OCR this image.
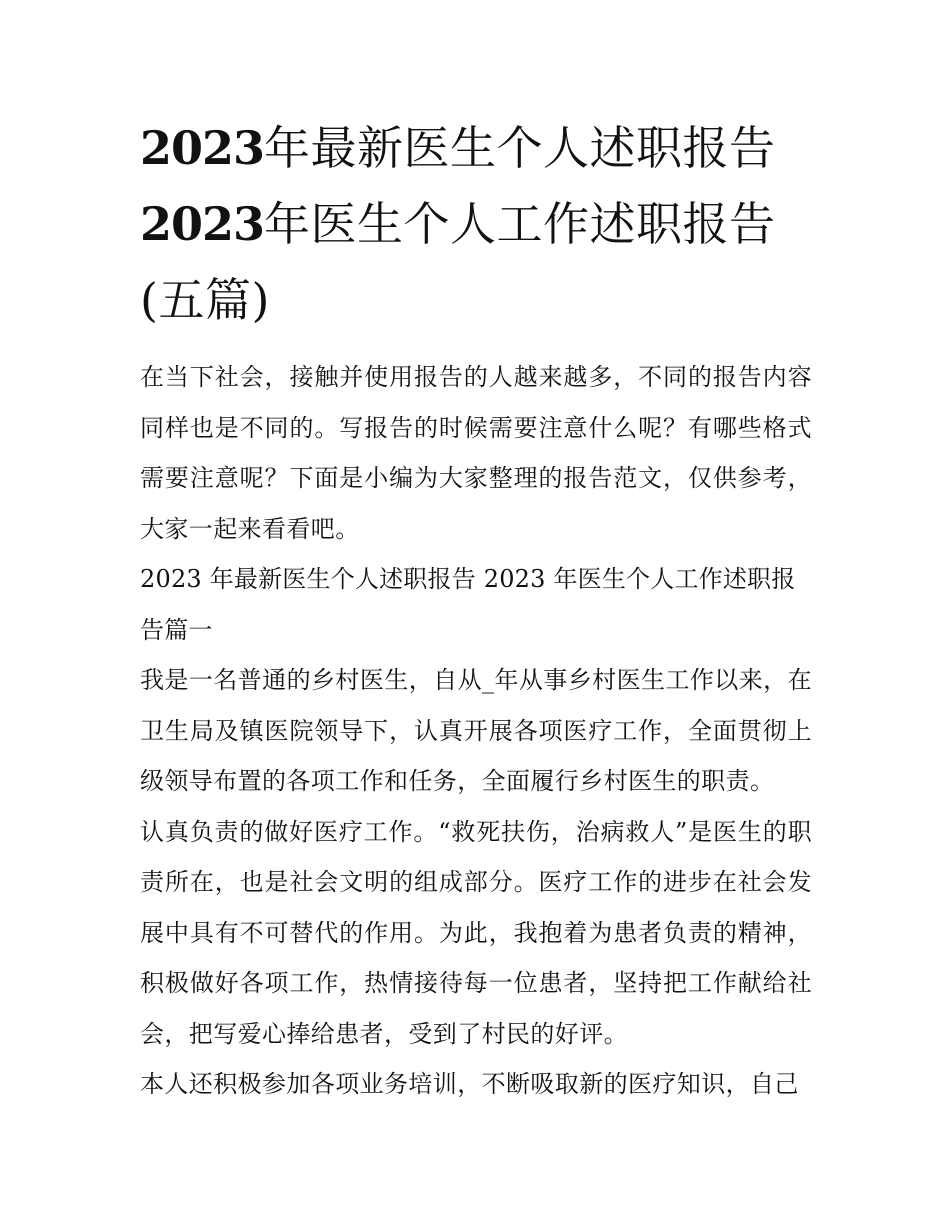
2023年最新医生个人述职报告
2023年医生个人工作述职报告
(五篇)

在当下社会，接触并使用报告的人越来越多，不同的报告内容同样也是不同的。写报告的时候需要注意什么呢？有哪些格式需要注意呢？下面是小编为大家整理的报告范文，仅供参考，大家一起来看看吧。

2023 年最新医生个人述职报告 2023 年医生个人工作述职报告篇一

我是一名普通的乡村医生，自从_年从事乡村医生工作以来，在卫生局及镇医院领导下，认真开展各项医疗工作，全面贯彻上级领导布置的各项工作和任务，全面履行乡村医生的职责。

认真负责的做好医疗工作。“救死扶伤，治病救人”是医生的职责所在，也是社会文明的组成部分。医疗工作的进步在社会发展中具有不可替代的作用。为此，我抱着为患者负责的精神，积极做好各项工作，热情接待每一位患者，坚持把工作献给社会，把写爱心捧给患者，受到了村民的好评。

本人还积极参加各项业务培训，不断吸取新的医疗知识，自己
